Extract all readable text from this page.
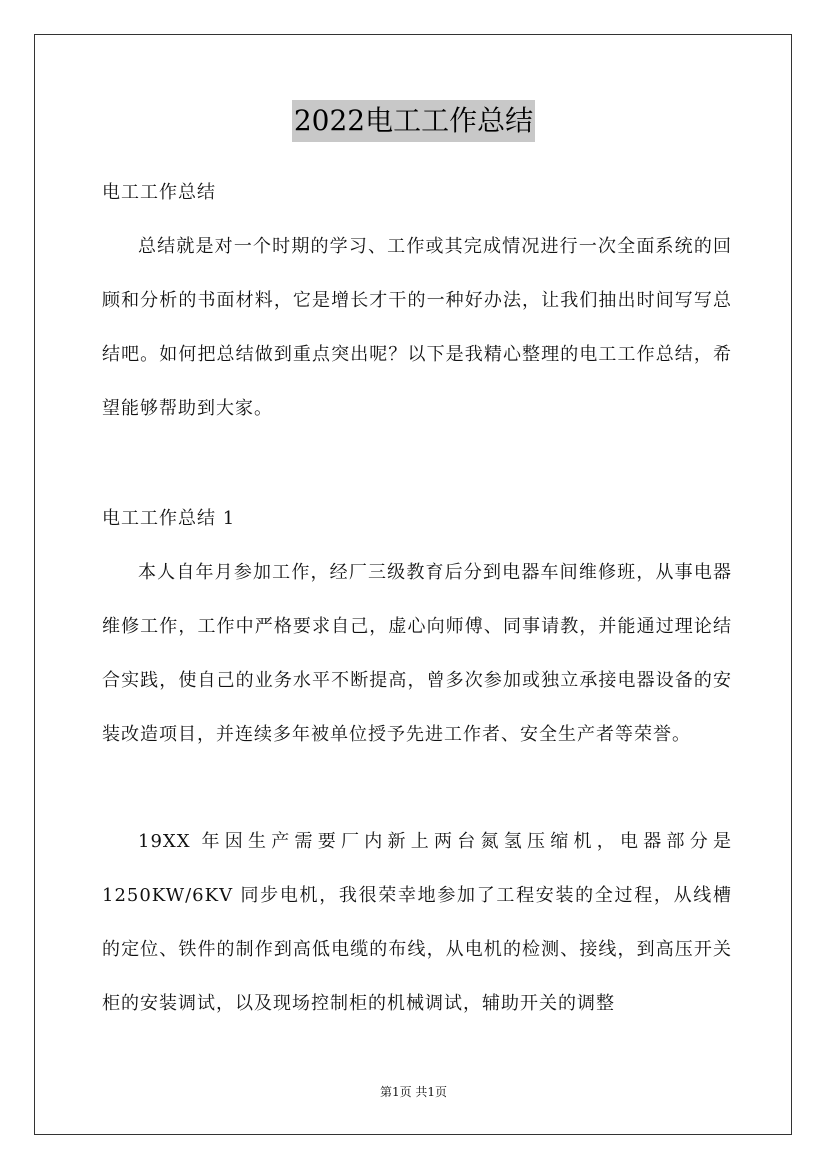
2022电工工作总结
电工工作总结

总结就是对一个时期的学习、工作或其完成情况进行一次全面系统的回顾和分析的书面材料，它是增长才干的一种好办法，让我们抽出时间写写总结吧。如何把总结做到重点突出呢？以下是我精心整理的电工工作总结，希望能够帮助到大家。

电工工作总结 1

本人自年月参加工作，经厂三级教育后分到电器车间维修班，从事电器维修工作，工作中严格要求自己，虚心向师傅、同事请教，并能通过理论结合实践，使自己的业务水平不断提高，曾多次参加或独立承接电器设备的安装改造项目，并连续多年被单位授予先进工作者、安全生产者等荣誉。

19XX 年因生产需要厂内新上两台氮氢压缩机，电器部分是1250KW/6KV 同步电机，我很荣幸地参加了工程安装的全过程，从线槽的定位、铁件的制作到高低电缆的布线，从电机的检测、接线，到高压开关柜的安装调试，以及现场控制柜的机械调试，辅助开关的调整

第1页 共1页
